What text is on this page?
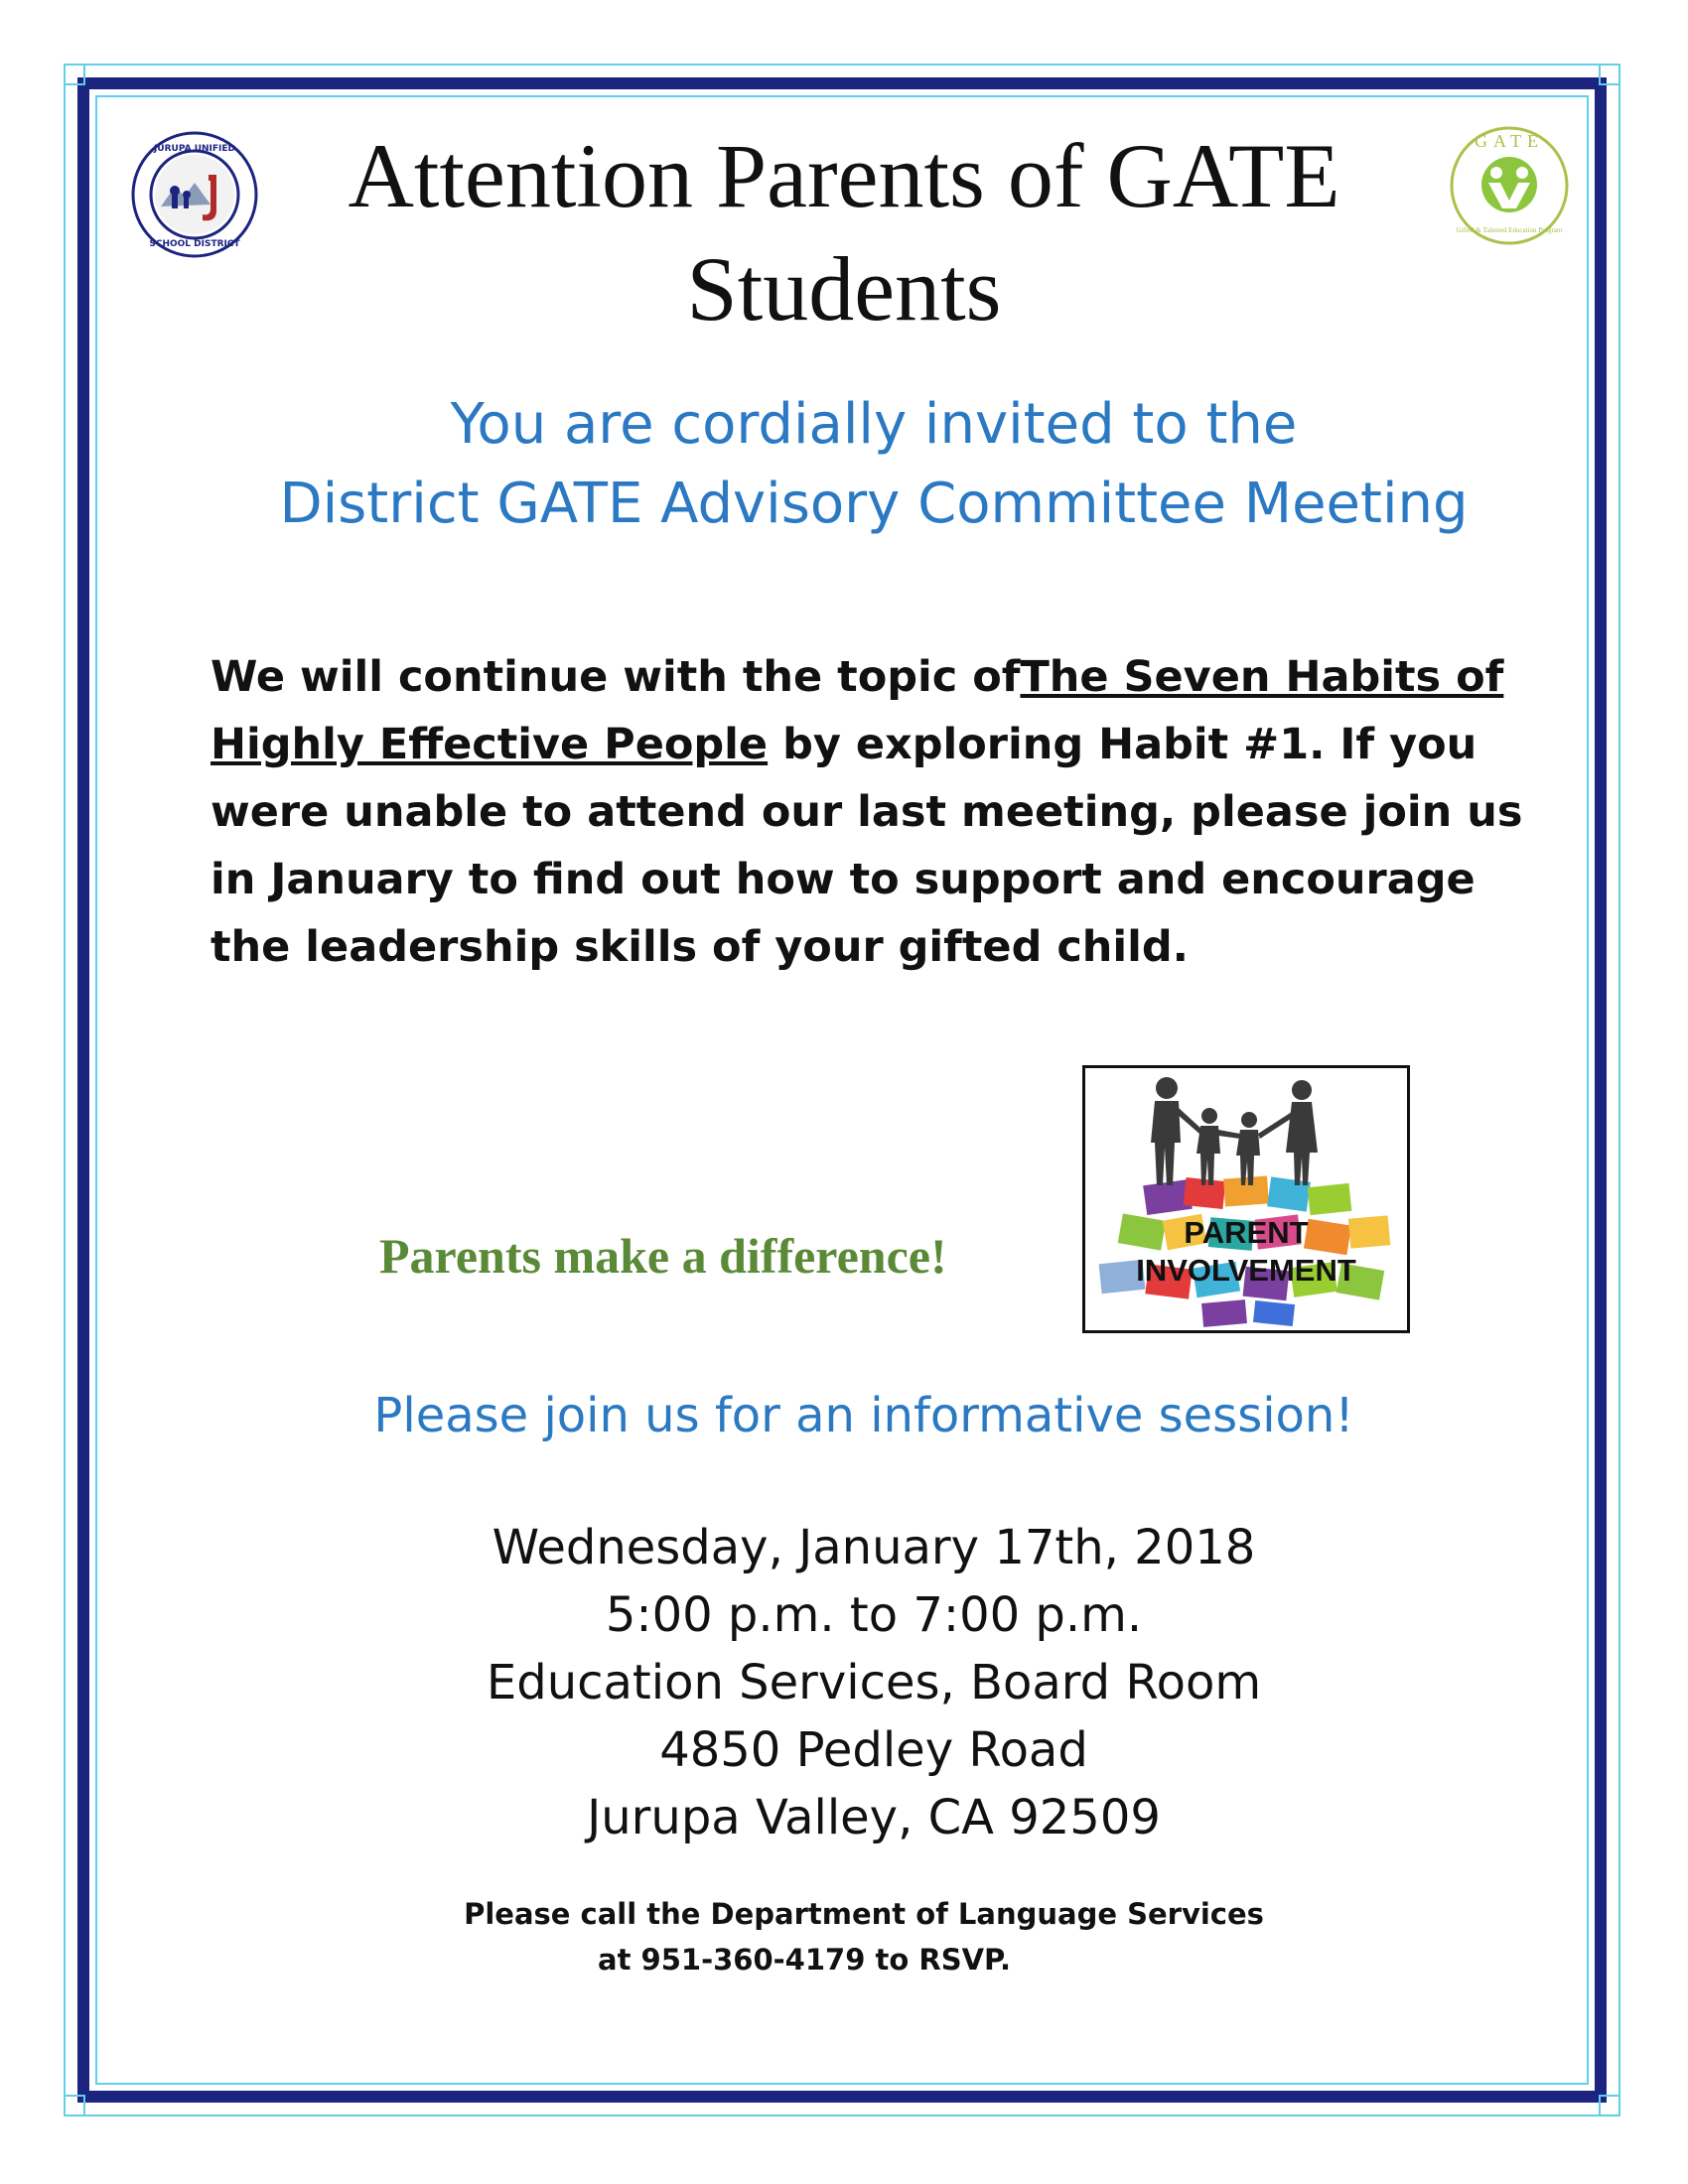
JURUPA UNIFIED
SCHOOL DISTRICT
GATE
Gifted & Talented Education Program
Attention Parents of GATE
Students

You are cordially invited to the
District GATE Advisory Committee Meeting

We will continue with the topic ofThe Seven Habits of Highly Effective People by exploring Habit #1. If you were unable to attend our last meeting, please join us in January to find out how to support and encourage the leadership skills of your gifted child.

Parents make a difference!	PARENT
INVOLVEMENT
Please join us for an informative session!
Wednesday, January 17th, 2018
5:00 p.m. to 7:00 p.m.
Education Services, Board Room
4850 Pedley Road
Jurupa Valley, CA 92509
Please call the Department of Language Services
at 951-360-4179 to RSVP.
